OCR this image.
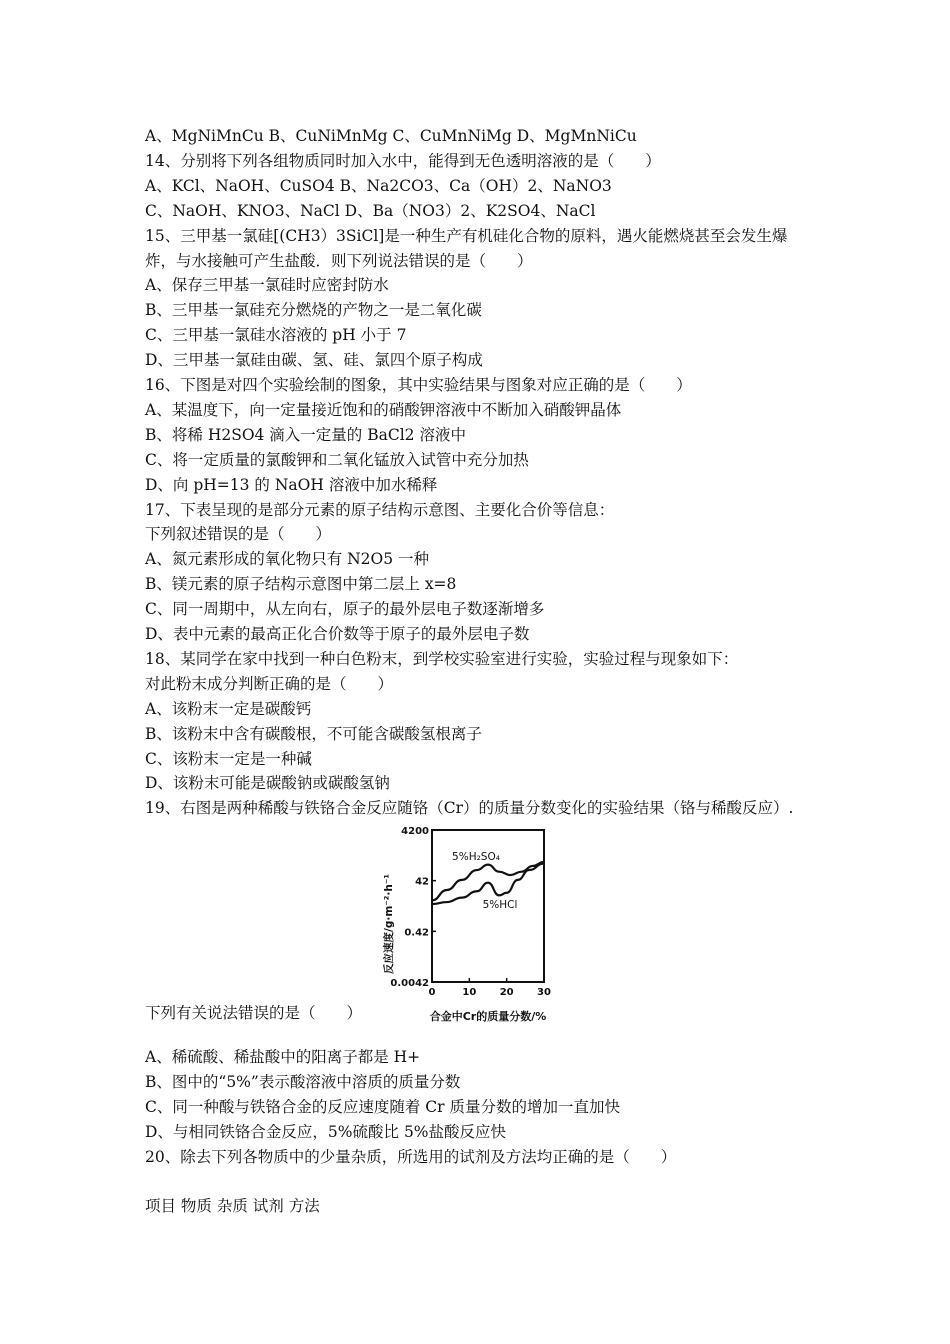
A、MgNiMnCu B、CuNiMnMg C、CuMnNiMg D、MgMnNiCu
14、分别将下列各组物质同时加入水中，能得到无色透明溶液的是（　　）
A、KCl、NaOH、CuSO4 B、Na2CO3、Ca（OH）2、NaNO3
C、NaOH、KNO3、NaCl D、Ba（NO3）2、K2SO4、NaCl
15、三甲基一氯硅[(CH3）3SiCl]是一种生产有机硅化合物的原料，遇火能燃烧甚至会发生爆
炸，与水接触可产生盐酸．则下列说法错误的是（　　）
A、保存三甲基一氯硅时应密封防水
B、三甲基一氯硅充分燃烧的产物之一是二氧化碳
C、三甲基一氯硅水溶液的 pH 小于 7
D、三甲基一氯硅由碳、氢、硅、氯四个原子构成
16、下图是对四个实验绘制的图象，其中实验结果与图象对应正确的是（　　）
A、某温度下，向一定量接近饱和的硝酸钾溶液中不断加入硝酸钾晶体
B、将稀 H2SO4 滴入一定量的 BaCl2 溶液中
C、将一定质量的氯酸钾和二氧化锰放入试管中充分加热
D、向 pH=13 的 NaOH 溶液中加水稀释
17、下表呈现的是部分元素的原子结构示意图、主要化合价等信息：
下列叙述错误的是（　　）
A、氮元素形成的氧化物只有 N2O5 一种
B、镁元素的原子结构示意图中第二层上 x=8
C、同一周期中，从左向右，原子的最外层电子数逐渐增多
D、表中元素的最高正化合价数等于原子的最外层电子数
18、某同学在家中找到一种白色粉末，到学校实验室进行实验，实验过程与现象如下：
对此粉末成分判断正确的是（　　）
A、该粉末一定是碳酸钙
B、该粉末中含有碳酸根，不可能含碳酸氢根离子
C、该粉末一定是一种碱
D、该粉末可能是碳酸钠或碳酸氢钠
19、右图是两种稀酸与铁铬合金反应随铬（Cr）的质量分数变化的实验结果（铬与稀酸反应）.
4200
42
0.42
0.0042
0	10 20 30
5%H₂SO₄
5%HCl
反应速度/g·m⁻²·h⁻¹
合金中Cr的质量分数/%
下列有关说法错误的是（　　）
A、稀硫酸、稀盐酸中的阳离子都是 H+
B、图中的“5%”表示酸溶液中溶质的质量分数
C、同一种酸与铁铬合金的反应速度随着 Cr 质量分数的增加一直加快
D、与相同铁铬合金反应，5%硫酸比 5%盐酸反应快
20、除去下列各物质中的少量杂质，所选用的试剂及方法均正确的是（　　）
项目 物质 杂质 试剂 方法
